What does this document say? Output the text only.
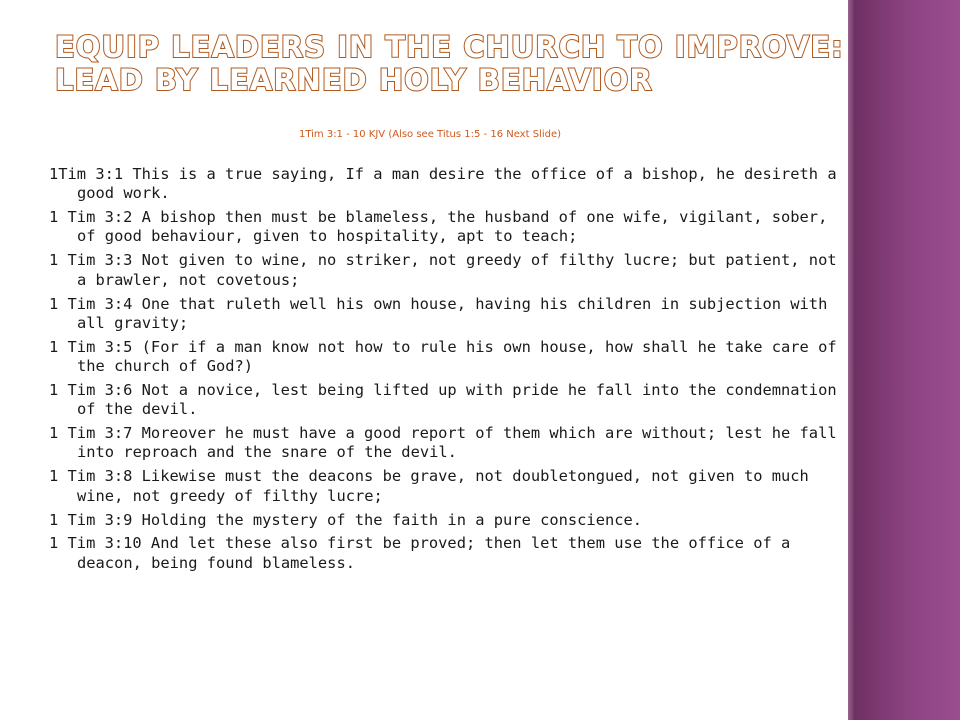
EQUIP LEADERS IN THE CHURCH TO IMPROVE:
LEAD BY LEARNED HOLY BEHAVIOR
1Tim 3:1 - 10 KJV (Also see Titus 1:5 - 16 Next Slide)

1Tim 3:1 This is a true saying, If a man desire the office of a bishop, he desireth a good work.

1 Tim 3:2 A bishop then must be blameless, the husband of one wife, vigilant, sober, of good behaviour, given to hospitality, apt to teach;

1 Tim 3:3 Not given to wine, no striker, not greedy of filthy lucre; but patient, not a brawler, not covetous;

1 Tim 3:4 One that ruleth well his own house, having his children in subjection with all gravity;

1 Tim 3:5 (For if a man know not how to rule his own house, how shall he take care of the church of God?)

1 Tim 3:6 Not a novice, lest being lifted up with pride he fall into the condemnation of the devil.

1 Tim 3:7 Moreover he must have a good report of them which are without; lest he fall into reproach and the snare of the devil.

1 Tim 3:8 Likewise must the deacons be grave, not doubletongued, not given to much wine, not greedy of filthy lucre;

1 Tim 3:9 Holding the mystery of the faith in a pure conscience.

1 Tim 3:10 And let these also first be proved; then let them use the office of a deacon, being found blameless.
